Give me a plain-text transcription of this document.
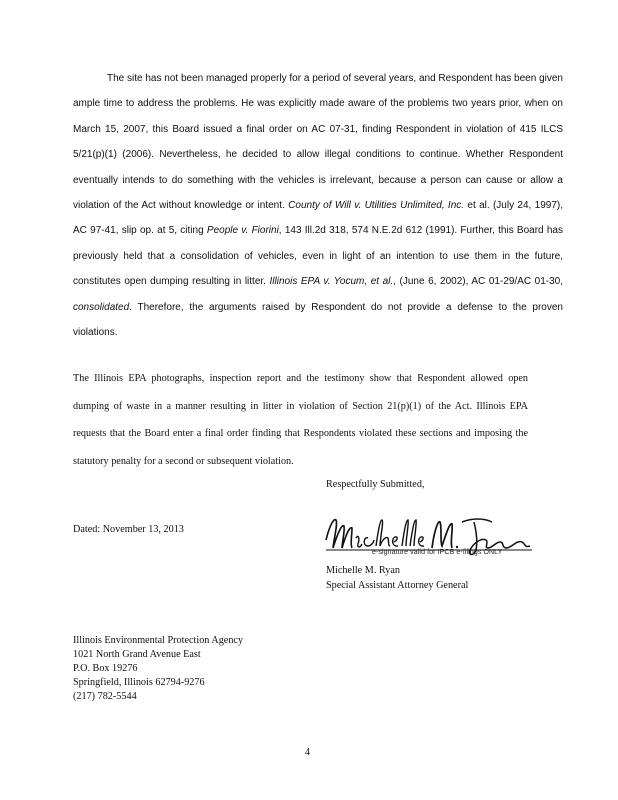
The site has not been managed properly for a period of several years, and Respondent has been given ample time to address the problems. He was explicitly made aware of the problems two years prior, when on March 15, 2007, this Board issued a final order on AC 07-31, finding Respondent in violation of 415 ILCS 5/21(p)(1) (2006). Nevertheless, he decided to allow illegal conditions to continue. Whether Respondent eventually intends to do something with the vehicles is irrelevant, because a person can cause or allow a violation of the Act without knowledge or intent. County of Will v. Utilities Unlimited, Inc. et al. (July 24, 1997), AC 97-41, slip op. at 5, citing People v. Fiorini, 143 Ill.2d 318, 574 N.E.2d 612 (1991). Further, this Board has previously held that a consolidation of vehicles, even in light of an intention to use them in the future, constitutes open dumping resulting in litter. Illinois EPA v. Yocum, et al., (June 6, 2002), AC 01-29/AC 01-30, consolidated. Therefore, the arguments raised by Respondent do not provide a defense to the proven violations.

The Illinois EPA photographs, inspection report and the testimony show that Respondent allowed open dumping of waste in a manner resulting in litter in violation of Section 21(p)(1) of the Act. Illinois EPA requests that the Board enter a final order finding that Respondents violated these sections and imposing the statutory penalty for a second or subsequent violation.

Respectfully Submitted,
Dated: November 13, 2013
e-signature valid for IPCB e-filings ONLY
Michelle M. Ryan
Special Assistant Attorney General
Illinois Environmental Protection Agency
1021 North Grand Avenue East
P.O. Box 19276
Springfield, Illinois 62794-9276
(217) 782-5544
4
